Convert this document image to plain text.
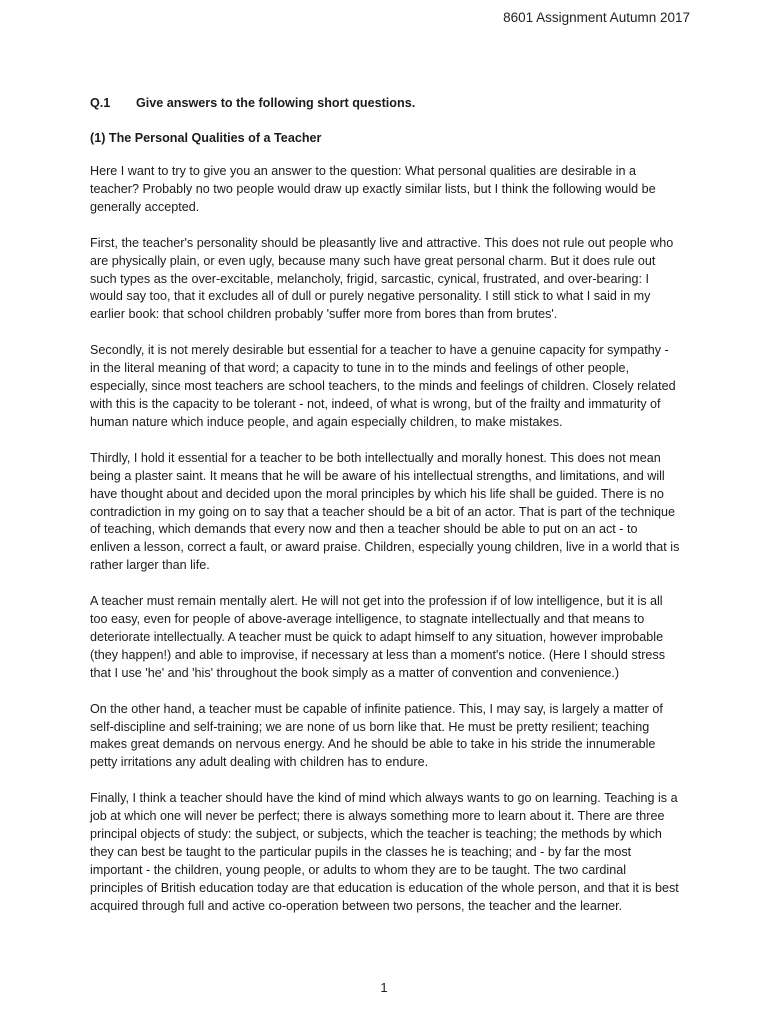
8601 Assignment Autumn 2017
Q.1 Give answers to the following short questions.
(1) The Personal Qualities of a Teacher

Here I want to try to give you an answer to the question: What personal qualities are desirable in a teacher? Probably no two people would draw up exactly similar lists, but I think the following would be generally accepted.

First, the teacher's personality should be pleasantly live and attractive. This does not rule out people who are physically plain, or even ugly, because many such have great personal charm. But it does rule out such types as the over-excitable, melancholy, frigid, sarcastic, cynical, frustrated, and over-bearing: I would say too, that it excludes all of dull or purely negative personality. I still stick to what I said in my earlier book: that school children probably 'suffer more from bores than from brutes'.

Secondly, it is not merely desirable but essential for a teacher to have a genuine capacity for sympathy - in the literal meaning of that word; a capacity to tune in to the minds and feelings of other people, especially, since most teachers are school teachers, to the minds and feelings of children. Closely related with this is the capacity to be tolerant - not, indeed, of what is wrong, but of the frailty and immaturity of human nature which induce people, and again especially children, to make mistakes.

Thirdly, I hold it essential for a teacher to be both intellectually and morally honest. This does not mean being a plaster saint. It means that he will be aware of his intellectual strengths, and limitations, and will have thought about and decided upon the moral principles by which his life shall be guided. There is no contradiction in my going on to say that a teacher should be a bit of an actor. That is part of the technique of teaching, which demands that every now and then a teacher should be able to put on an act - to enliven a lesson, correct a fault, or award praise. Children, especially young children, live in a world that is rather larger than life.

A teacher must remain mentally alert. He will not get into the profession if of low intelligence, but it is all too easy, even for people of above-average intelligence, to stagnate intellectually and that means to deteriorate intellectually. A teacher must be quick to adapt himself to any situation, however improbable (they happen!) and able to improvise, if necessary at less than a moment's notice. (Here I should stress that I use 'he' and 'his' throughout the book simply as a matter of convention and convenience.)

On the other hand, a teacher must be capable of infinite patience. This, I may say, is largely a matter of self-discipline and self-training; we are none of us born like that. He must be pretty resilient; teaching makes great demands on nervous energy. And he should be able to take in his stride the innumerable petty irritations any adult dealing with children has to endure.

Finally, I think a teacher should have the kind of mind which always wants to go on learning. Teaching is a job at which one will never be perfect; there is always something more to learn about it. There are three principal objects of study: the subject, or subjects, which the teacher is teaching; the methods by which they can best be taught to the particular pupils in the classes he is teaching; and - by far the most important - the children, young people, or adults to whom they are to be taught. The two cardinal principles of British education today are that education is education of the whole person, and that it is best acquired through full and active co-operation between two persons, the teacher and the learner.

1
